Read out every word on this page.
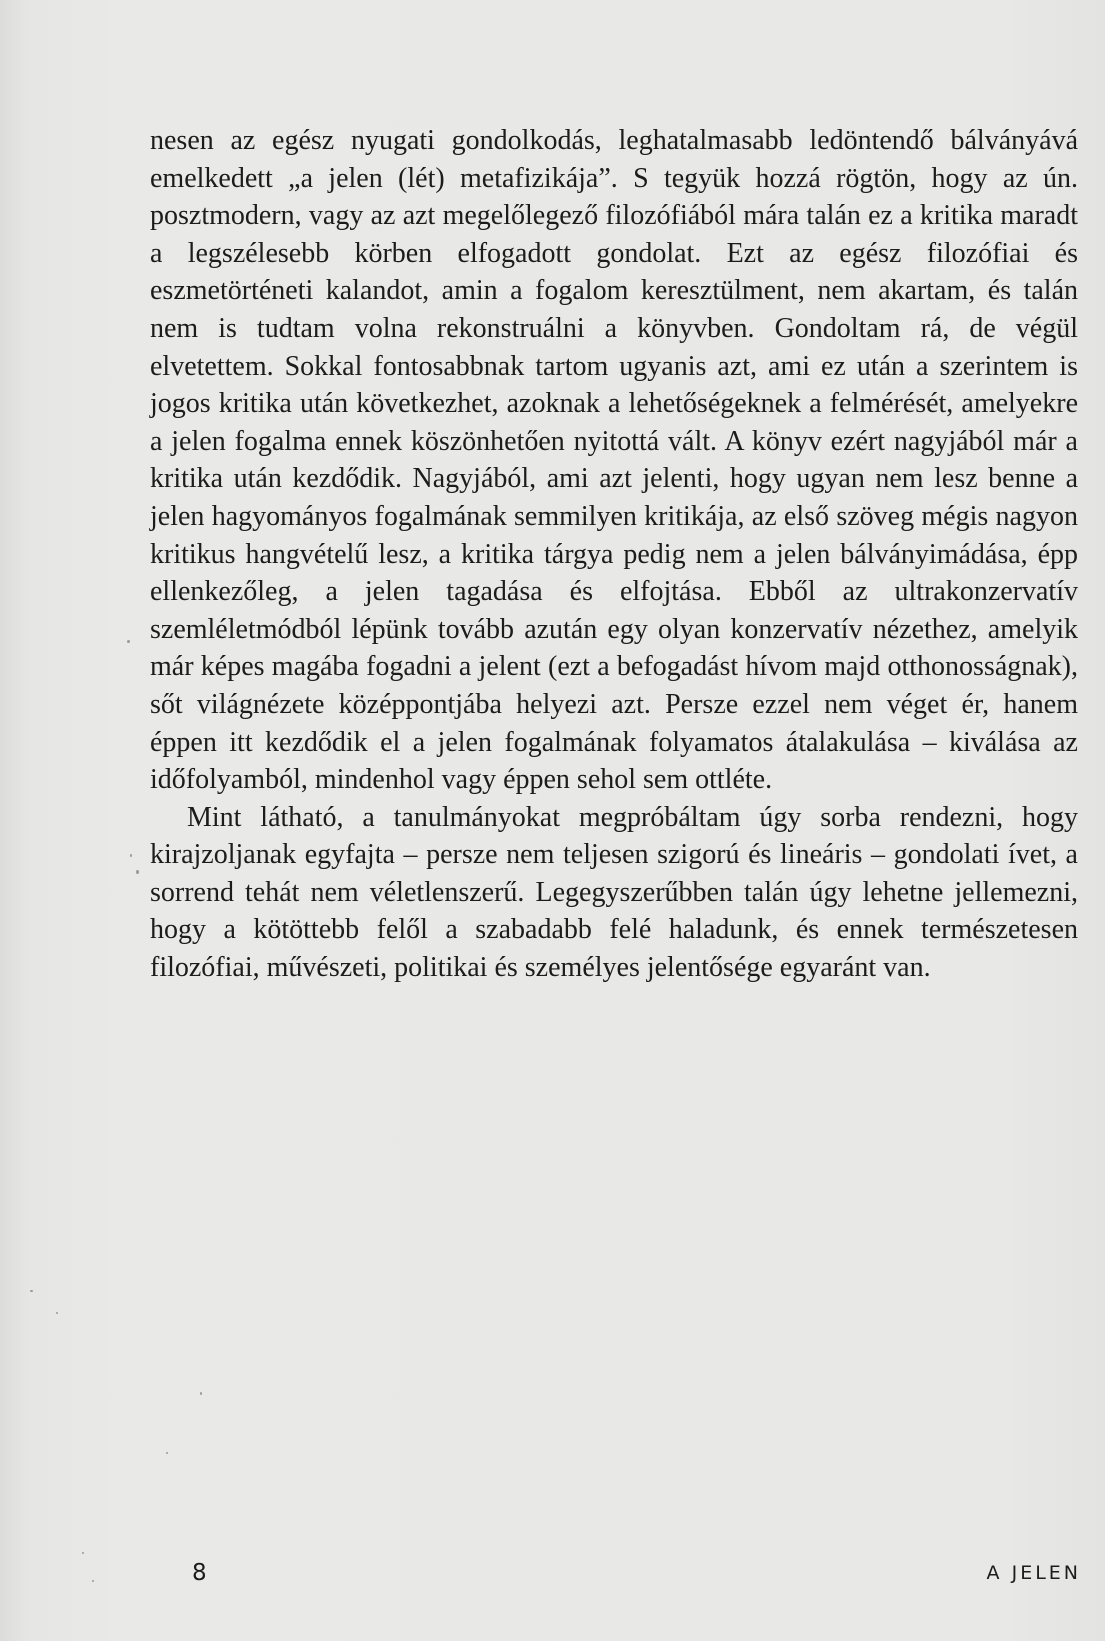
nesen az egész nyugati gondolkodás, leghatalmasabb ledöntendő bálványává emelkedett „a jelen (lét) metafizikája”. S tegyük hozzá rögtön, hogy az ún. posztmodern, vagy az azt megelőlegező filozófiából mára talán ez a kritika maradt a legszélesebb körben elfogadott gondolat. Ezt az egész filozófiai és eszmetörténeti kalandot, amin a fogalom keresztülment, nem akartam, és talán nem is tudtam volna rekonstruálni a könyvben. Gondoltam rá, de végül elvetettem. Sokkal fontosabbnak tartom ugyanis azt, ami ez után a szerintem is jogos kritika után következhet, azoknak a lehetőségeknek a felmérését, amelyekre a jelen fogalma ennek köszönhetően nyitottá vált. A könyv ezért nagyjából már a kritika után kezdődik. Nagyjából, ami azt jelenti, hogy ugyan nem lesz benne a jelen hagyományos fogalmának semmilyen kritikája, az első szöveg mégis nagyon kritikus hangvételű lesz, a kritika tárgya pedig nem a jelen bálványimádása, épp ellenkezőleg, a jelen tagadása és elfojtása. Ebből az ultrakonzervatív szemléletmódból lépünk tovább azután egy olyan konzervatív nézethez, amelyik már képes magába fogadni a jelent (ezt a befogadást hívom majd otthonosságnak), sőt világnézete középpontjába helyezi azt. Persze ezzel nem véget ér, hanem éppen itt kezdődik el a jelen fogalmának folyamatos átalakulása – kiválása az időfolyamból, mindenhol vagy éppen sehol sem ottléte.

Mint látható, a tanulmányokat megpróbáltam úgy sorba rendezni, hogy kirajzoljanak egyfajta – persze nem teljesen szigorú és lineáris – gondolati ívet, a sorrend tehát nem véletlenszerű. Legegyszerűbben talán úgy lehetne jellemezni, hogy a kötöttebb felől a szabadabb felé haladunk, és ennek természetesen filozófiai, művészeti, politikai és személyes jelentősége egyaránt van.

8	A JELEN
